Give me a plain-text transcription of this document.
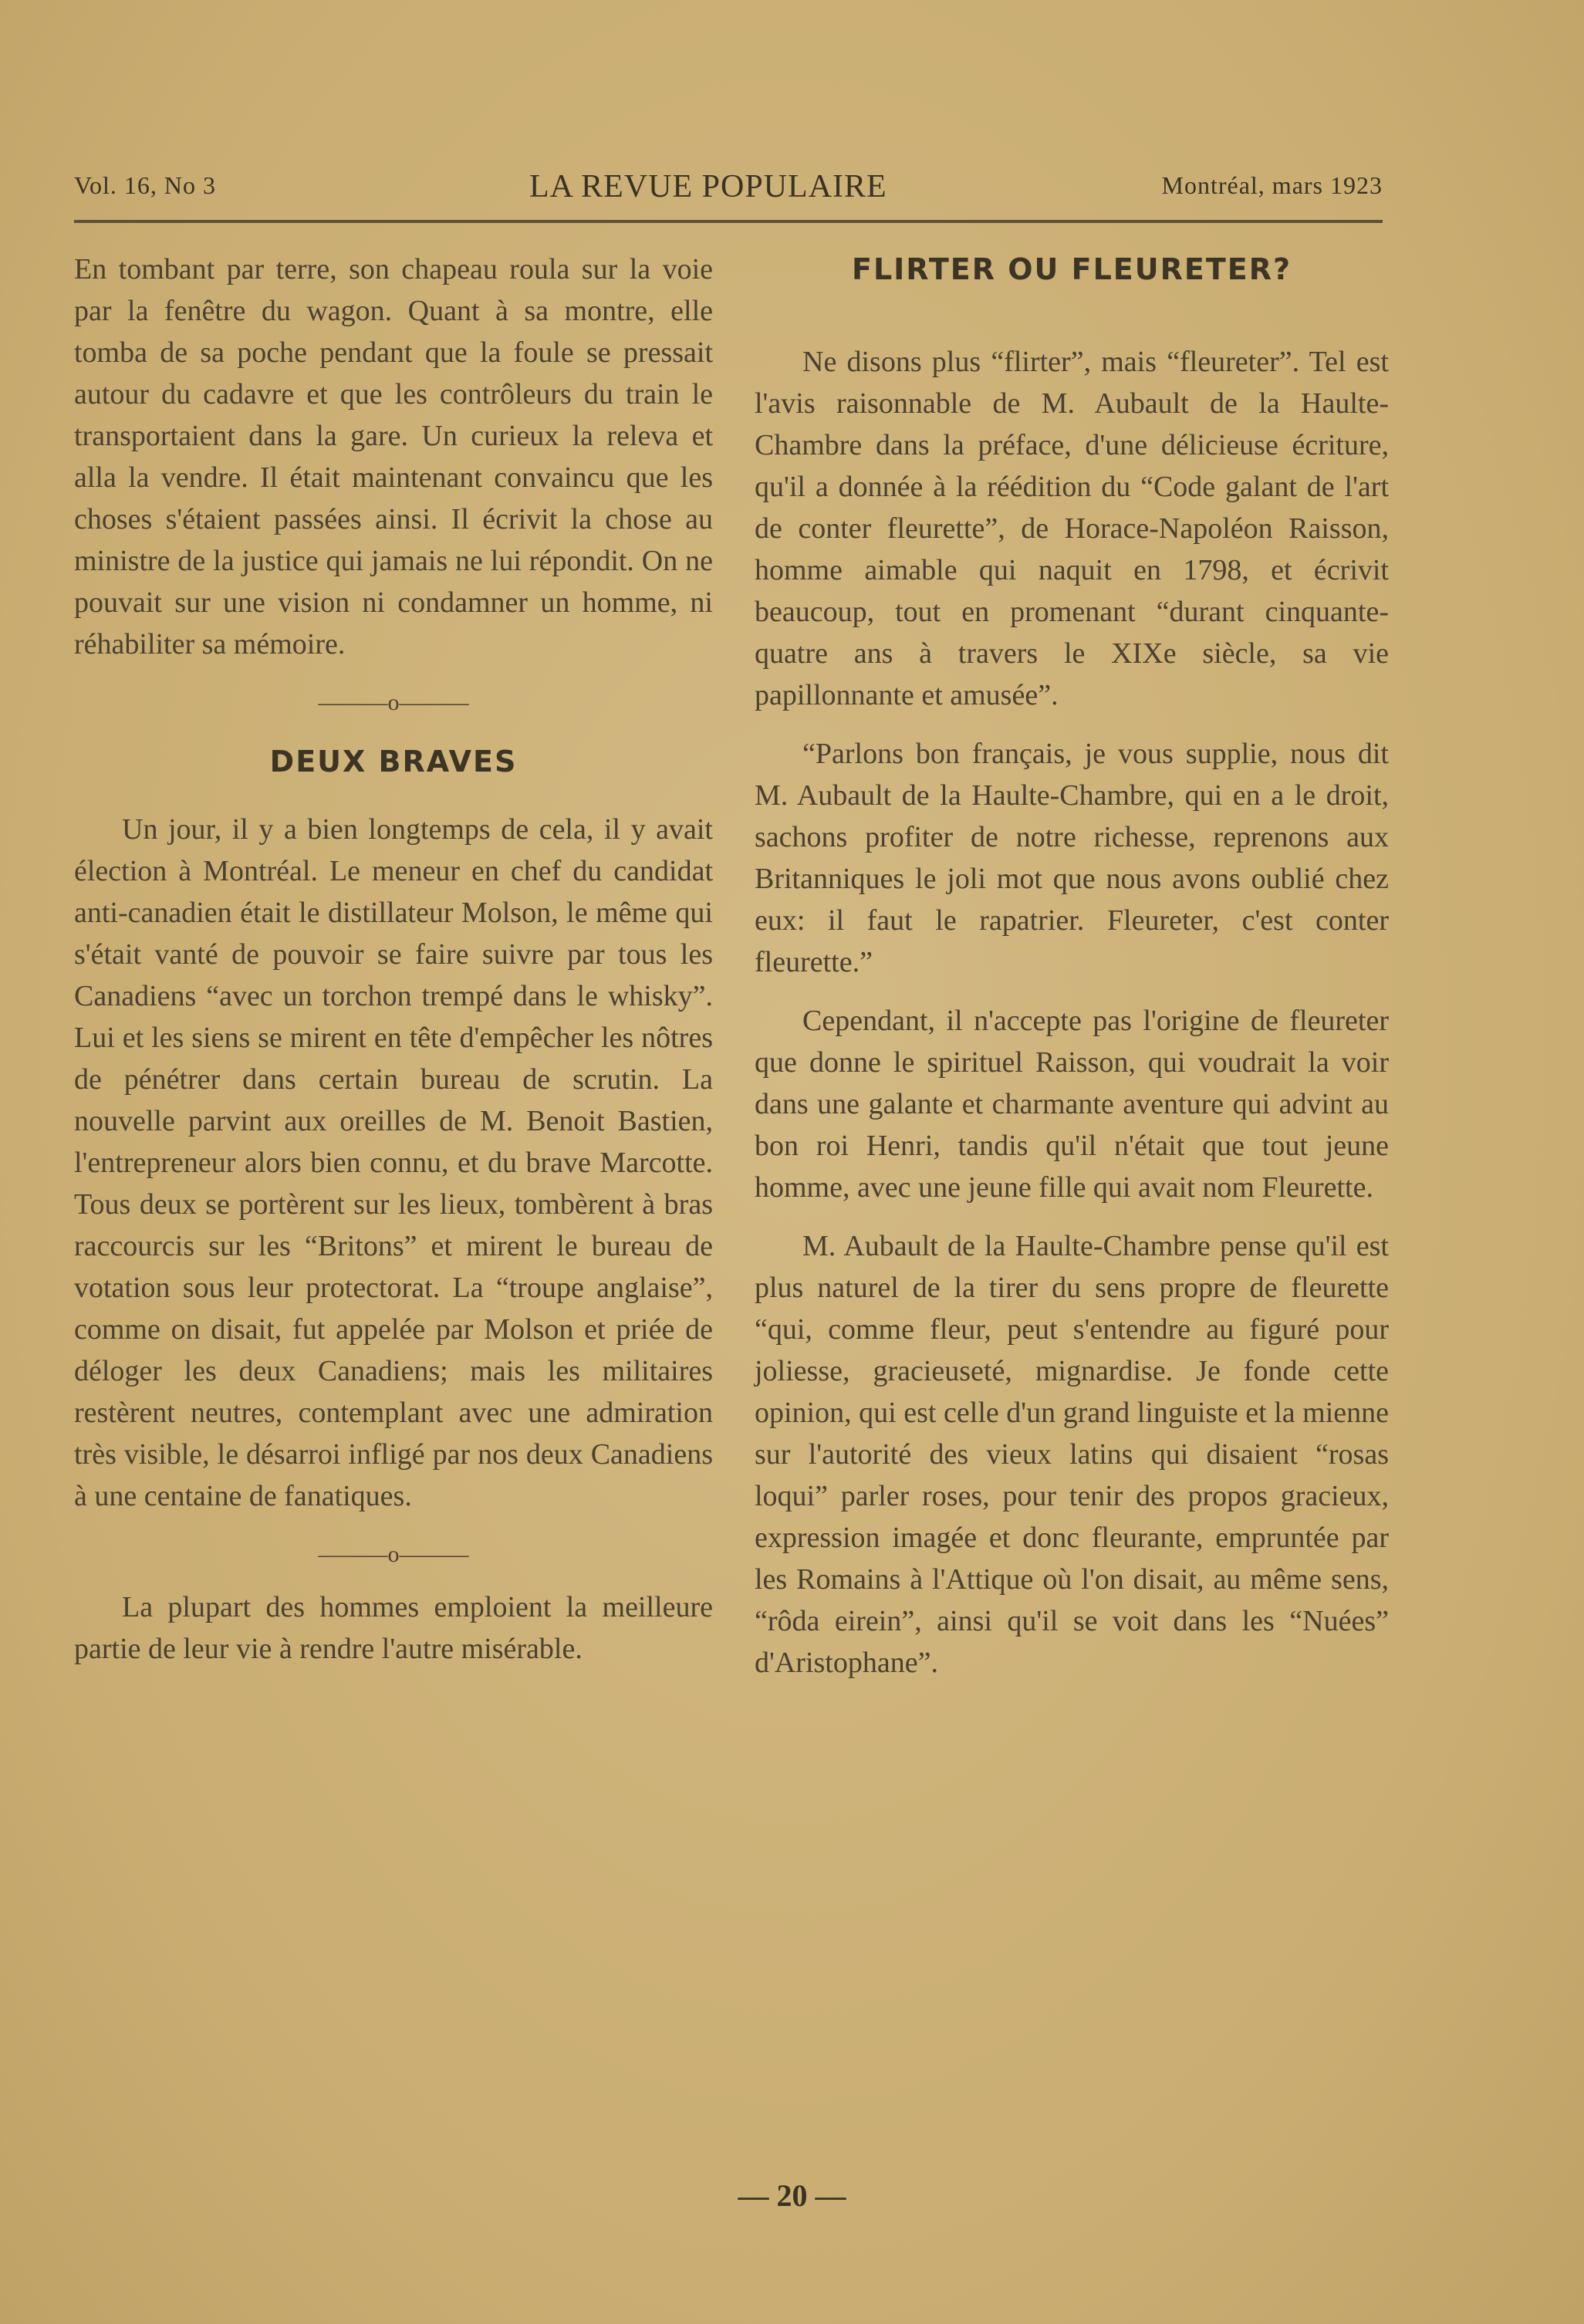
Vol. 16, No 3	LA REVUE POPULAIRE	Montréal, mars 1923

En tombant par terre, son chapeau roula sur la voie par la fenêtre du wagon. Quant à sa montre, elle tomba de sa poche pendant que la foule se pressait autour du cadavre et que les contrôleurs du train le transportaient dans la gare. Un curieux la releva et alla la vendre. Il était maintenant convaincu que les choses s'étaient passées ainsi. Il écrivit la chose au ministre de la justice qui jamais ne lui répondit. On ne pouvait sur une vision ni condamner un homme, ni réhabiliter sa mémoire.

———o———

DEUX BRAVES

Un jour, il y a bien longtemps de cela, il y avait élection à Montréal. Le meneur en chef du candidat anti-canadien était le distillateur Molson, le même qui s'était vanté de pouvoir se faire suivre par tous les Canadiens “avec un torchon trempé dans le whisky”. Lui et les siens se mirent en tête d'empêcher les nôtres de pénétrer dans certain bureau de scrutin. La nouvelle parvint aux oreilles de M. Benoit Bastien, l'entrepreneur alors bien connu, et du brave Marcotte. Tous deux se portèrent sur les lieux, tombèrent à bras raccourcis sur les “Britons” et mirent le bureau de votation sous leur protectorat. La “troupe anglaise”, comme on disait, fut appelée par Molson et priée de déloger les deux Canadiens; mais les militaires restèrent neutres, contemplant avec une admiration très visible, le désarroi infligé par nos deux Canadiens à une centaine de fanatiques.

———o———

La plupart des hommes emploient la meilleure partie de leur vie à rendre l'autre misérable.

FLIRTER OU FLEURETER?

Ne disons plus “flirter”, mais “fleureter”. Tel est l'avis raisonnable de M. Aubault de la Haulte-Chambre dans la préface, d'une délicieuse écriture, qu'il a donnée à la réédition du “Code galant de l'art de conter fleurette”, de Horace-Napoléon Raisson, homme aimable qui naquit en 1798, et écrivit beaucoup, tout en promenant “durant cinquante-quatre ans à travers le XIXe siècle, sa vie papillonnante et amusée”.

“Parlons bon français, je vous supplie, nous dit M. Aubault de la Haulte-Chambre, qui en a le droit, sachons profiter de notre richesse, reprenons aux Britanniques le joli mot que nous avons oublié chez eux: il faut le rapatrier. Fleureter, c'est conter fleurette.”

Cependant, il n'accepte pas l'origine de fleureter que donne le spirituel Raisson, qui voudrait la voir dans une galante et charmante aventure qui advint au bon roi Henri, tandis qu'il n'était que tout jeune homme, avec une jeune fille qui avait nom Fleurette.

M. Aubault de la Haulte-Chambre pense qu'il est plus naturel de la tirer du sens propre de fleurette “qui, comme fleur, peut s'entendre au figuré pour joliesse, gracieuseté, mignardise. Je fonde cette opinion, qui est celle d'un grand linguiste et la mienne sur l'autorité des vieux latins qui disaient “rosas loqui” parler roses, pour tenir des propos gracieux, expression imagée et donc fleurante, empruntée par les Romains à l'Attique où l'on disait, au même sens, “rôda eirein”, ainsi qu'il se voit dans les “Nuées” d'Aristophane”.

— 20 —
